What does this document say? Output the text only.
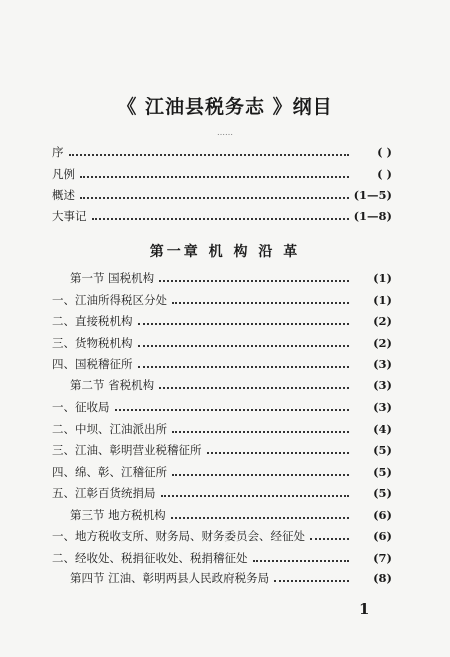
《 江油县税务志 》纲目
……
序	( )
凡例	( )
概述	(1—5)
大事记	(1—8)
第一章 机 构 沿 革
第一节 国税机构	(1)
一、江油所得税区分处	(1)
二、直接税机构	(2)
三、货物税机构	(2)
四、国税稽征所	(3)
第二节 省税机构	(3)
一、征收局	(3)
二、中坝、江油派出所	(4)
三、江油、彰明营业税稽征所	(5)
四、绵、彰、江稽征所	(5)
五、江彰百货统捐局	(5)
第三节 地方税机构	(6)
一、地方税收支所、财务局、财务委员会、经征处	(6)
二、经收处、税捐征收处、税捐稽征处	(7)
第四节 江油、彰明两县人民政府税务局	(8)
1
